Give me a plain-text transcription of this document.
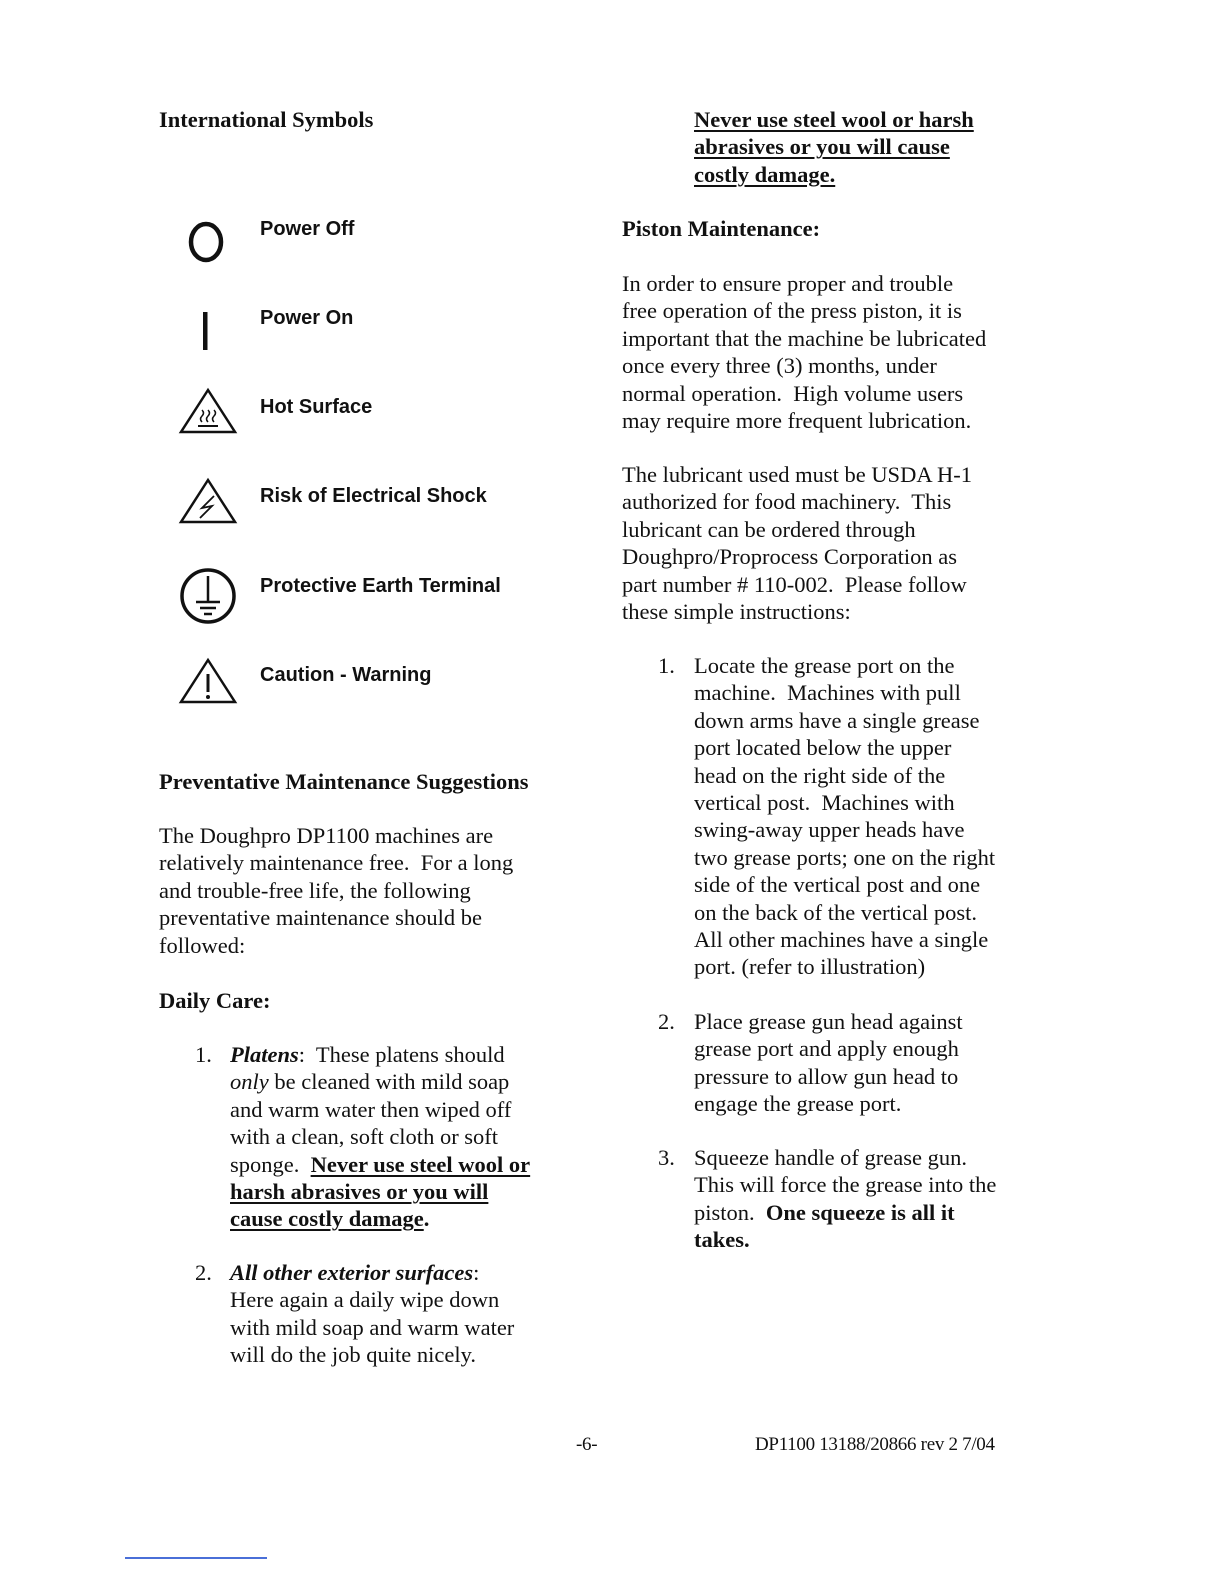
International Symbols
Power Off
Power On
Hot Surface
Risk of Electrical Shock
Protective Earth Terminal
Caution - Warning
Preventative Maintenance Suggestions
The Doughpro DP1100 machines are
relatively maintenance free.  For a long
and trouble-free life, the following
preventative maintenance should be
followed:
Daily Care:
1. Platens:  These platens should
only be cleaned with mild soap
and warm water then wiped off
with a clean, soft cloth or soft
sponge.  Never use steel wool or
harsh abrasives or you will
cause costly damage.
2. All other exterior surfaces:
Here again a daily wipe down
with mild soap and warm water
will do the job quite nicely.
Never use steel wool or harsh
abrasives or you will cause
costly damage.
Piston Maintenance:
In order to ensure proper and trouble
free operation of the press piston, it is
important that the machine be lubricated
once every three (3) months, under
normal operation.  High volume users
may require more frequent lubrication.
The lubricant used must be USDA H-1
authorized for food machinery.  This
lubricant can be ordered through
Doughpro/Proprocess Corporation as
part number # 110-002.  Please follow
these simple instructions:
1. Locate the grease port on the
machine.  Machines with pull
down arms have a single grease
port located below the upper
head on the right side of the
vertical post.  Machines with
swing-away upper heads have
two grease ports; one on the right
side of the vertical post and one
on the back of the vertical post.
All other machines have a single
port. (refer to illustration)
2. Place grease gun head against
grease port and apply enough
pressure to allow gun head to
engage the grease port.
3. Squeeze handle of grease gun.
This will force the grease into the
piston.  One squeeze is all it
takes.
-6-	DP1100 13188/20866 rev 2 7/04
